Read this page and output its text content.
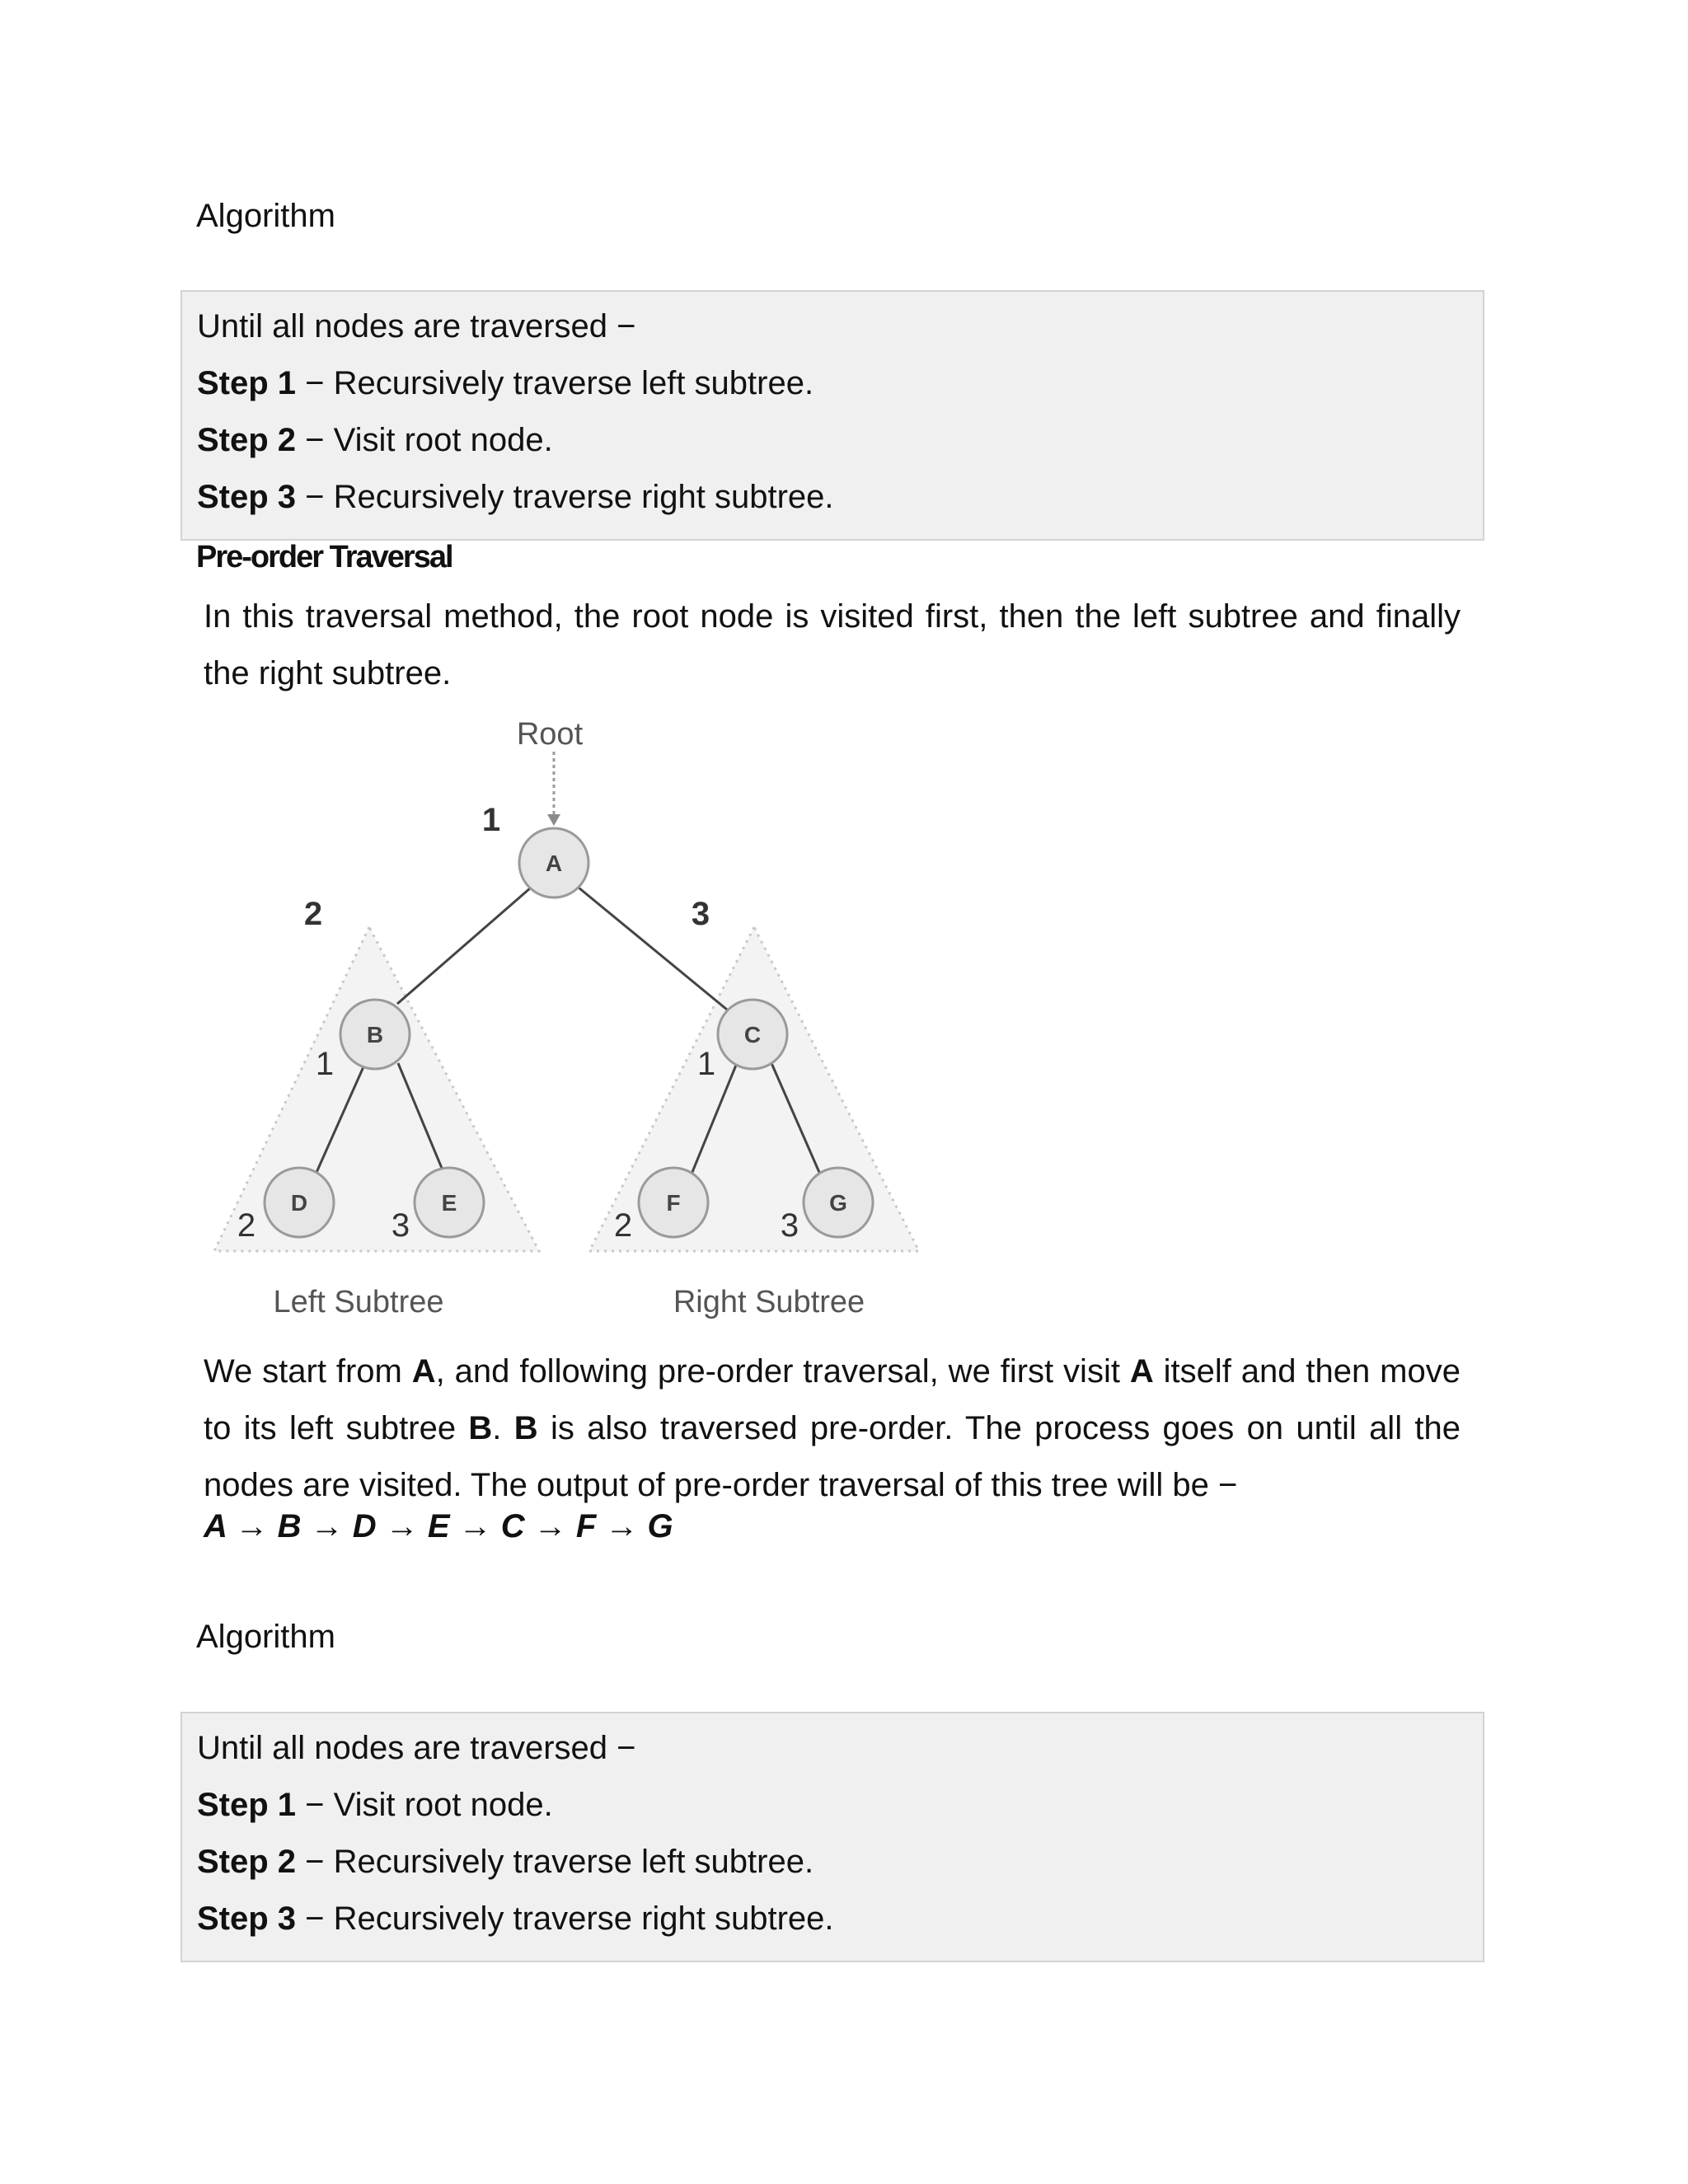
Algorithm
Until all nodes are traversed −
Step 1 − Recursively traverse left subtree.
Step 2 − Visit root node.
Step 3 − Recursively traverse right subtree.
Pre-order Traversal
In this traversal method, the root node is visited first, then the left subtree and finally the right subtree.
A
B	C
D	E	F	G
Root
1
2	3
1
2	3
1
2	3
Left Subtree	Right Subtree
We start from A, and following pre-order traversal, we first visit A itself and then move to its left subtree B. B is also traversed pre-order. The process goes on until all the nodes are visited. The output of pre-order traversal of this tree will be −
A → B → D → E → C → F → G
Algorithm
Until all nodes are traversed −
Step 1 − Visit root node.
Step 2 − Recursively traverse left subtree.
Step 3 − Recursively traverse right subtree.
